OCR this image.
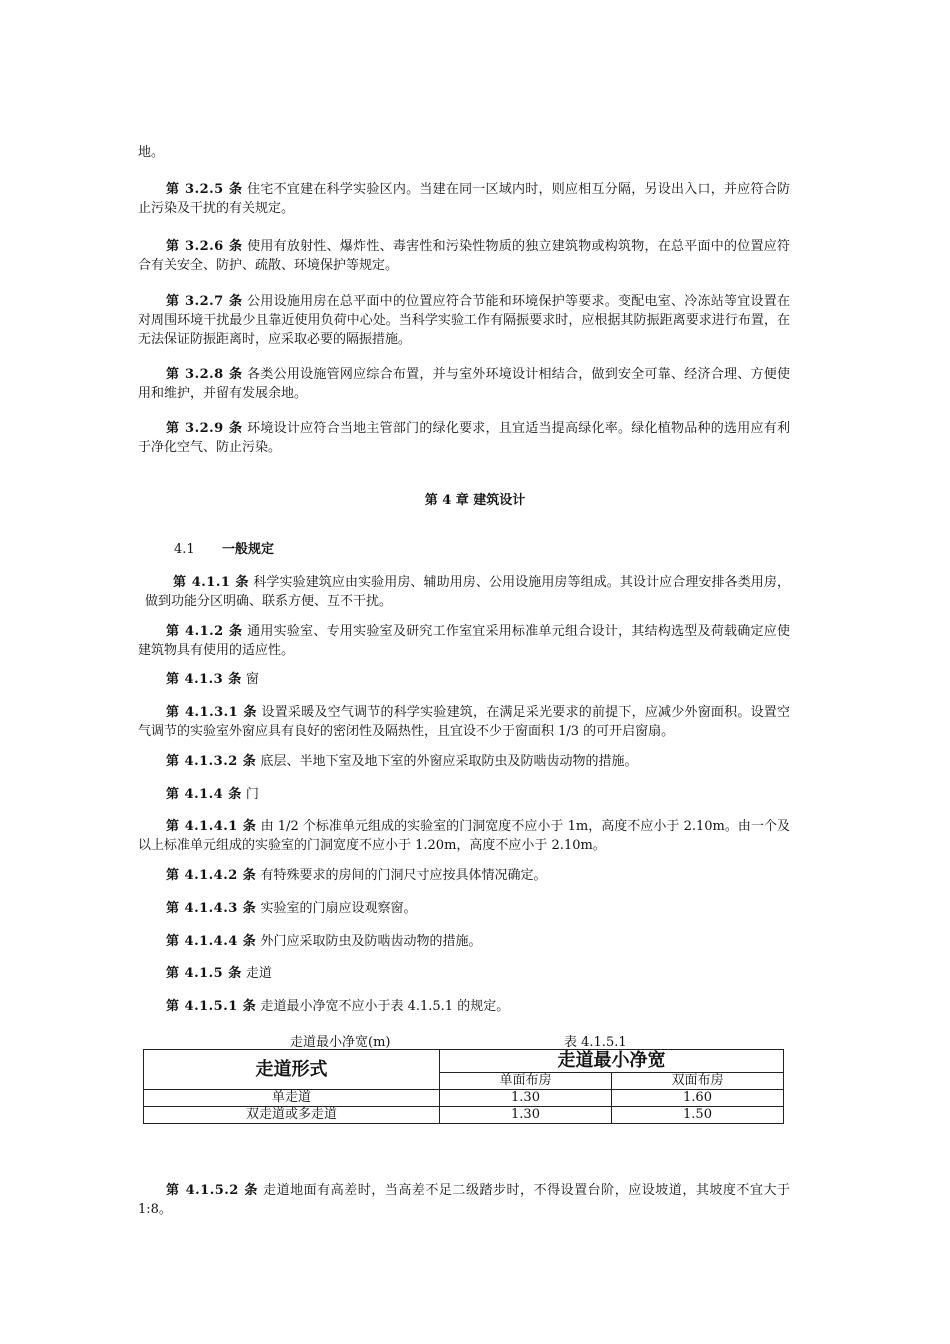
地。
第 3.2.5 条 住宅不宜建在科学实验区内。当建在同一区域内时，则应相互分隔，另设出入口，并应符合防止污染及干扰的有关规定。
第 3.2.6 条 使用有放射性、爆炸性、毒害性和污染性物质的独立建筑物或构筑物，在总平面中的位置应符合有关安全、防护、疏散、环境保护等规定。
第 3.2.7 条 公用设施用房在总平面中的位置应符合节能和环境保护等要求。变配电室、冷冻站等宜设置在对周围环境干扰最少且靠近使用负荷中心处。当科学实验工作有隔振要求时，应根据其防振距离要求进行布置，在无法保证防振距离时，应采取必要的隔振措施。
第 3.2.8 条 各类公用设施管网应综合布置，并与室外环境设计相结合，做到安全可靠、经济合理、方便使用和维护，并留有发展余地。
第 3.2.9 条 环境设计应符合当地主管部门的绿化要求，且宜适当提高绿化率。绿化植物品种的选用应有利于净化空气、防止污染。
第 4 章 建筑设计
4.1 一般规定
第 4.1.1 条 科学实验建筑应由实验用房、辅助用房、公用设施用房等组成。其设计应合理安排各类用房，做到功能分区明确、联系方便、互不干扰。
第 4.1.2 条 通用实验室、专用实验室及研究工作室宜采用标准单元组合设计，其结构选型及荷载确定应使建筑物具有使用的适应性。
第 4.1.3 条 窗
第 4.1.3.1 条 设置采暖及空气调节的科学实验建筑，在满足采光要求的前提下，应减少外窗面积。设置空气调节的实验室外窗应具有良好的密闭性及隔热性，且宜设不少于窗面积 1/3 的可开启窗扇。
第 4.1.3.2 条 底层、半地下室及地下室的外窗应采取防虫及防啮齿动物的措施。
第 4.1.4 条 门
第 4.1.4.1 条 由 1/2 个标准单元组成的实验室的门洞宽度不应小于 1m，高度不应小于 2.10m。由一个及以上标准单元组成的实验室的门洞宽度不应小于 1.20m，高度不应小于 2.10m。
第 4.1.4.2 条 有特殊要求的房间的门洞尺寸应按具体情况确定。
第 4.1.4.3 条 实验室的门扇应设观察窗。
第 4.1.4.4 条 外门应采取防虫及防啮齿动物的措施。
第 4.1.5 条 走道
第 4.1.5.1 条 走道最小净宽不应小于表 4.1.5.1 的规定。
走道最小净宽(m)	表 4.1.5.1
走道形式	走道最小净宽	
	单面布房	双面布房
单走道	1.30	1.60
双走道或多走道	1.30	1.50
第 4.1.5.2 条 走道地面有高差时，当高差不足二级踏步时，不得设置台阶，应设坡道，其坡度不宜大于 1:8。
